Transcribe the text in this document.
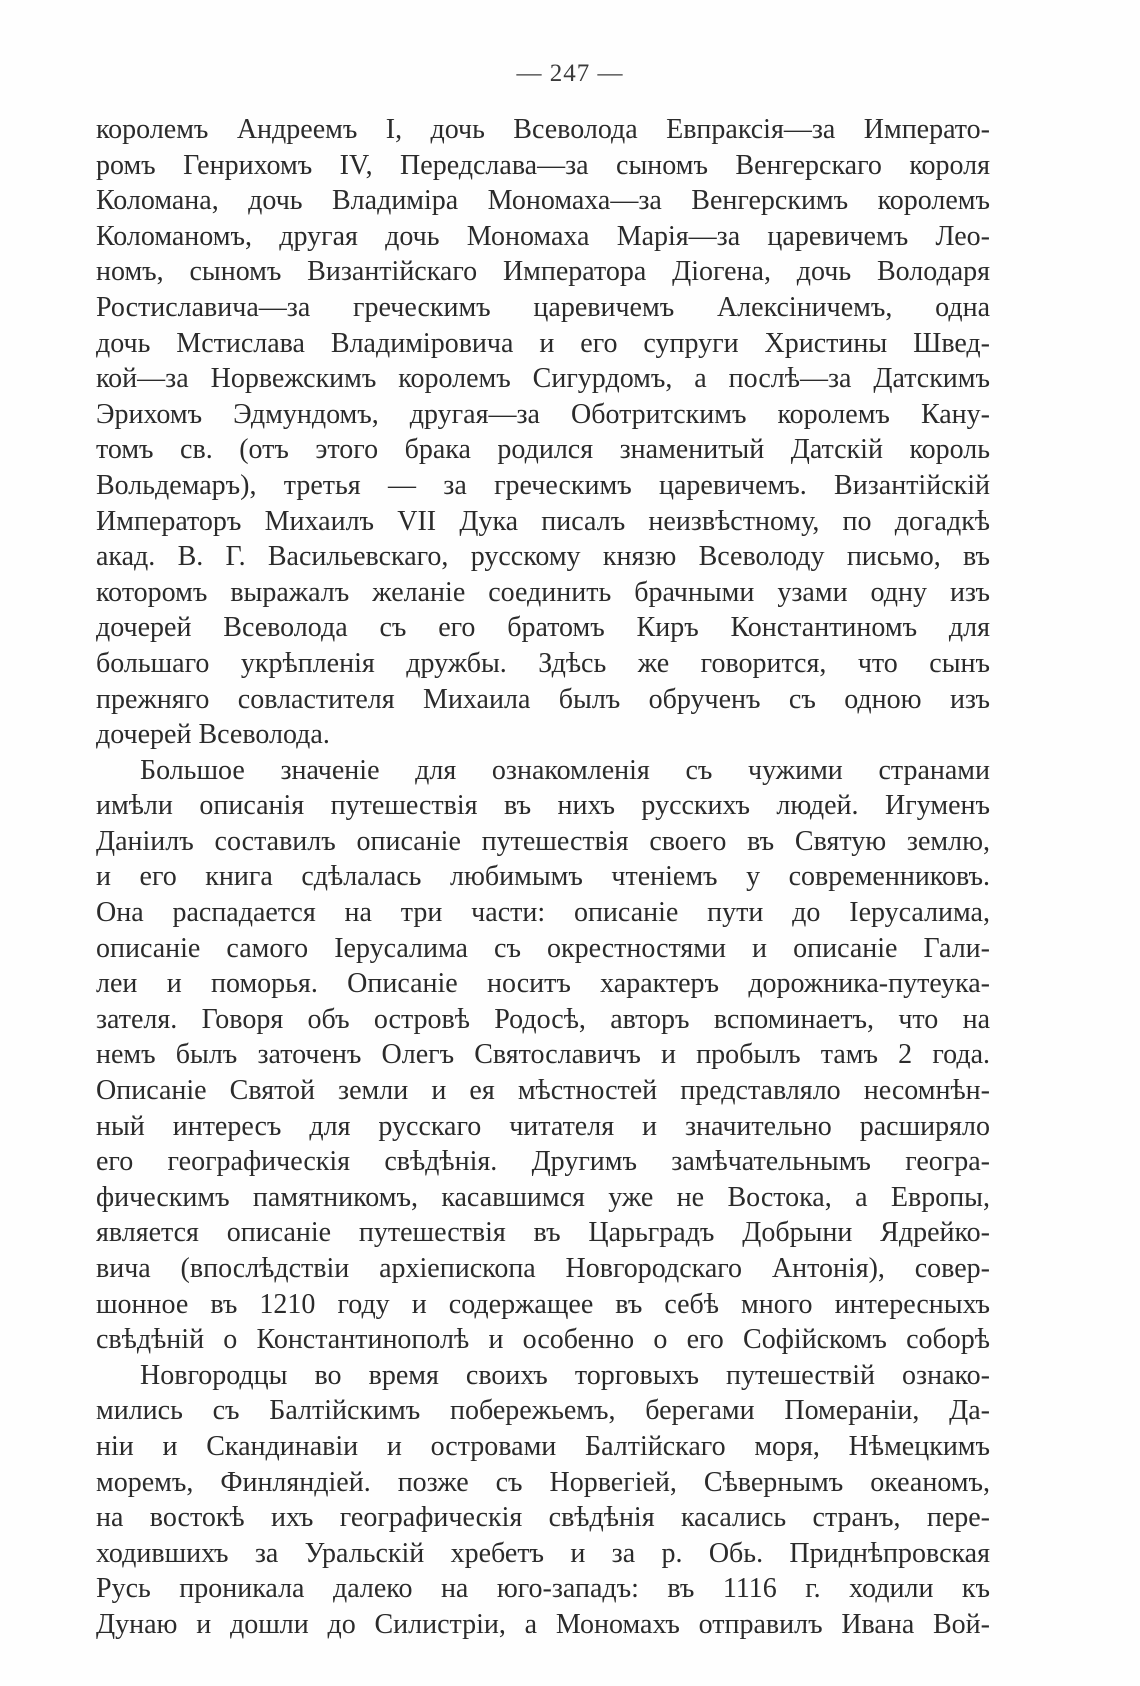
— 247 —
королемъ Андреемъ I, дочь Всеволода Евпраксія—за Императо-
ромъ Генрихомъ IV, Передслава—за сыномъ Венгерскаго короля
Коломана, дочь Владиміра Мономаха—за Венгерскимъ королемъ
Коломаномъ, другая дочь Мономаха Марія—за царевичемъ Лео-
номъ, сыномъ Византійскаго Императора Діогена, дочь Володаря
Ростиславича—за греческимъ царевичемъ Алексіничемъ, одна
дочь Мстислава Владиміровича и его супруги Христины Швед-
кой—за Норвежскимъ королемъ Сигурдомъ, а послѣ—за Датскимъ
Эрихомъ Эдмундомъ, другая—за Оботритскимъ королемъ Кану-
томъ св. (отъ этого брака родился знаменитый Датскій король
Вольдемаръ), третья — за греческимъ царевичемъ. Византійскій
Императоръ Михаилъ VII Дука писалъ неизвѣстному, по догадкѣ
акад. В. Г. Васильевскаго, русскому князю Всеволоду письмо, въ
которомъ выражалъ желаніе соединить брачными узами одну изъ
дочерей Всеволода съ его братомъ Киръ Константиномъ для
большаго укрѣпленія дружбы. Здѣсь же говорится, что сынъ
прежняго совластителя Михаила былъ обрученъ съ одною изъ
дочерей Всеволода.
Большое значеніе для ознакомленія съ чужими странами
имѣли описанія путешествія въ нихъ русскихъ людей. Игуменъ
Даніилъ составилъ описаніе путешествія своего въ Святую землю,
и его книга сдѣлалась любимымъ чтеніемъ у современниковъ.
Она распадается на три части: описаніе пути до Іерусалима,
описаніе самого Іерусалима съ окрестностями и описаніе Гали-
леи и поморья. Описаніе носитъ характеръ дорожника-путеука-
зателя. Говоря объ островѣ Родосѣ, авторъ вспоминаетъ, что на
немъ былъ заточенъ Олегъ Святославичъ и пробылъ тамъ 2 года.
Описаніе Святой земли и ея мѣстностей представляло несомнѣн-
ный интересъ для русскаго читателя и значительно расширяло
его географическія свѣдѣнія. Другимъ замѣчательнымъ геогра-
фическимъ памятникомъ, касавшимся уже не Востока, а Европы,
является описаніе путешествія въ Царьградъ Добрыни Ядрейко-
вича (впослѣдствіи архіепископа Новгородскаго Антонія), совер-
шонное въ 1210 году и содержащее въ себѣ много интересныхъ
свѣдѣній о Константинополѣ и особенно о его Софійскомъ соборѣ
Новгородцы во время своихъ торговыхъ путешествій ознако-
мились съ Балтійскимъ побережьемъ, берегами Помераніи, Да-
ніи и Скандинавіи и островами Балтійскаго моря, Нѣмецкимъ
моремъ, Финляндіей. позже съ Норвегіей, Сѣвернымъ океаномъ,
на востокѣ ихъ географическія свѣдѣнія касались странъ, пере-
ходившихъ за Уральскій хребетъ и за р. Обь. Приднѣпровская
Русь проникала далеко на юго-западъ: въ 1116 г. ходили къ
Дунаю и дошли до Силистріи, а Мономахъ отправилъ Ивана Вой-
